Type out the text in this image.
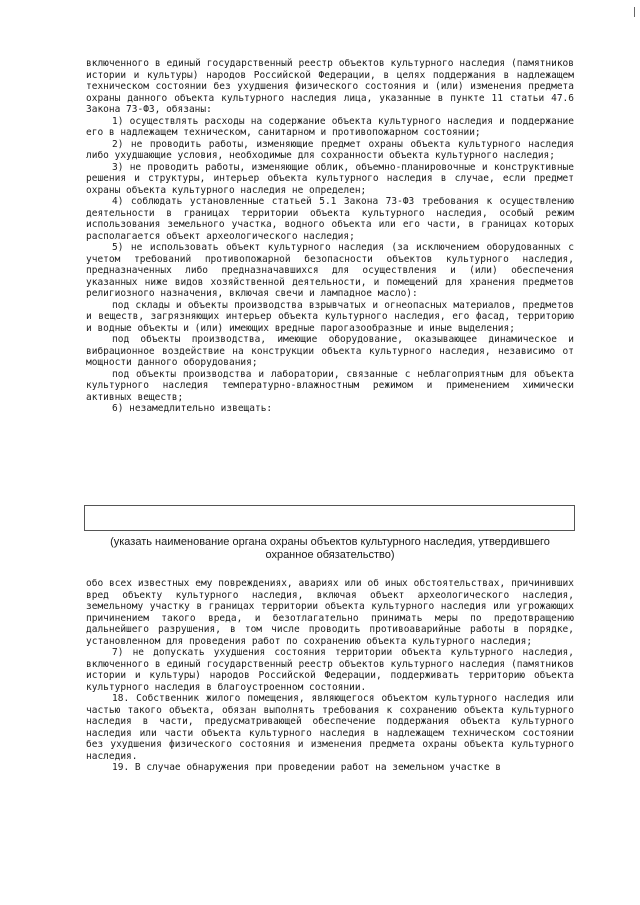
включенного в единый государственный реестр объектов культурного наследия (памятников истории и культуры) народов Российской Федерации, в целях поддержания в надлежащем техническом состоянии без ухудшения физического состояния и (или) изменения предмета охраны данного объекта культурного наследия лица, указанные в пункте 11 статьи 47.6 Закона 73-ФЗ, обязаны:

1) осуществлять расходы на содержание объекта культурного наследия и поддержание его в надлежащем техническом, санитарном и противопожарном состоянии;

2) не проводить работы, изменяющие предмет охраны объекта культурного наследия либо ухудшающие условия, необходимые для сохранности объекта культурного наследия;

3) не проводить работы, изменяющие облик, объемно-планировочные и конструктивные решения и структуры, интерьер объекта культурного наследия в случае, если предмет охраны объекта культурного наследия не определен;

4) соблюдать установленные статьей 5.1 Закона 73-ФЗ требования к осуществлению деятельности в границах территории объекта культурного наследия, особый режим использования земельного участка, водного объекта или его части, в границах которых располагается объект археологического наследия;

5) не использовать объект культурного наследия (за исключением оборудованных с учетом требований противопожарной безопасности объектов культурного наследия, предназначенных либо предназначавшихся для осуществления и (или) обеспечения указанных ниже видов хозяйственной деятельности, и помещений для хранения предметов религиозного назначения, включая свечи и лампадное масло):

под склады и объекты производства взрывчатых и огнеопасных материалов, предметов и веществ, загрязняющих интерьер объекта культурного наследия, его фасад, территорию и водные объекты и (или) имеющих вредные парогазообразные и иные выделения;

под объекты производства, имеющие оборудование, оказывающее динамическое и вибрационное воздействие на конструкции объекта культурного наследия, независимо от мощности данного оборудования;

под объекты производства и лаборатории, связанные с неблагоприятным для объекта культурного наследия температурно-влажностным режимом и применением химически активных веществ;

6) незамедлительно извещать:

(указать наименование органа охраны объектов культурного наследия, утвердившего охранное обязательство)

обо всех известных ему повреждениях, авариях или об иных обстоятельствах, причинивших вред объекту культурного наследия, включая объект археологического наследия, земельному участку в границах территории объекта культурного наследия или угрожающих причинением такого вреда, и безотлагательно принимать меры по предотвращению дальнейшего разрушения, в том числе проводить противоаварийные работы в порядке, установленном для проведения работ по сохранению объекта культурного наследия;

7) не допускать ухудшения состояния территории объекта культурного наследия, включенного в единый государственный реестр объектов культурного наследия (памятников истории и культуры) народов Российской Федерации, поддерживать территорию объекта культурного наследия в благоустроенном состоянии.

18. Собственник жилого помещения, являющегося объектом культурного наследия или частью такого объекта, обязан выполнять требования к сохранению объекта культурного наследия в части, предусматривающей обеспечение поддержания объекта культурного наследия или части объекта культурного наследия в надлежащем техническом состоянии без ухудшения физического состояния и изменения предмета охраны объекта культурного наследия.

19. В случае обнаружения при проведении работ на земельном участке в
